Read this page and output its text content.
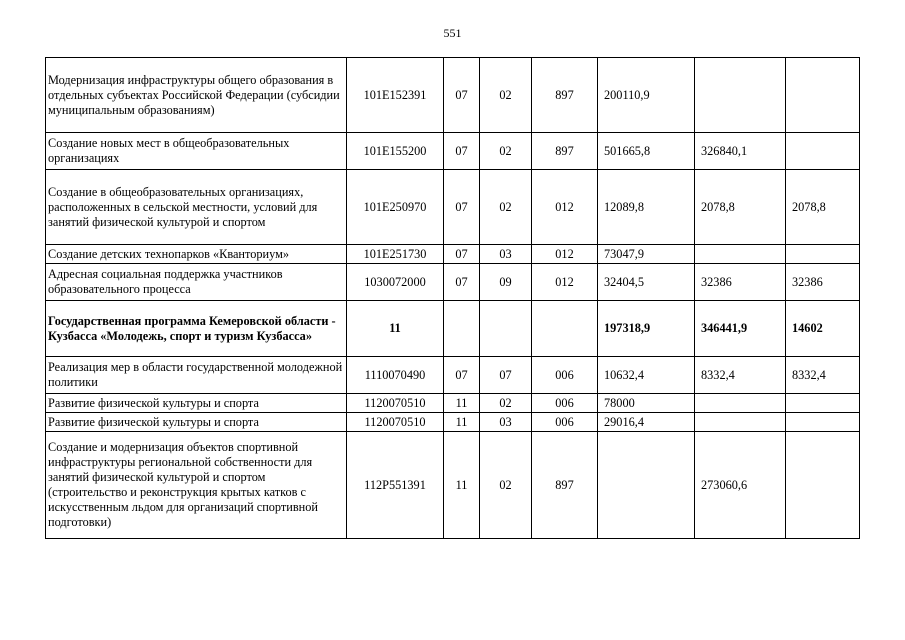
551
Модернизация инфраструктуры общего образования в отдельных субъектах Российской Федерации (субсидии муниципальным образованиям)	101Е152391	07	02	897	200110,9		
Создание новых мест в общеобразовательных организациях	101Е155200	07	02	897	501665,8	326840,1	
Создание в общеобразовательных организациях, расположенных в сельской местности, условий для занятий физической культурой и спортом	101Е250970	07	02	012	12089,8	2078,8	2078,8
Создание детских технопарков «Кванториум»	101Е251730	07	03	012	73047,9		
Адресная социальная поддержка участников образовательного процесса	1030072000	07	09	012	32404,5	32386	32386
Государственная программа Кемеровской области - Кузбасса «Молодежь, спорт и туризм Кузбасса»	11				197318,9	346441,9	14602
Реализация мер в области государственной молодежной политики	1110070490	07	07	006	10632,4	8332,4	8332,4
Развитие физической культуры и спорта	1120070510	11	02	006	78000		
Развитие физической культуры и спорта	1120070510	11	03	006	29016,4		
Создание и модернизация объектов спортивной инфраструктуры региональной собственности для занятий физической культурой и спортом (строительство и реконструкция крытых катков с искусственным льдом для организаций спортивной подготовки)	112Р551391	11	02	897		273060,6	
